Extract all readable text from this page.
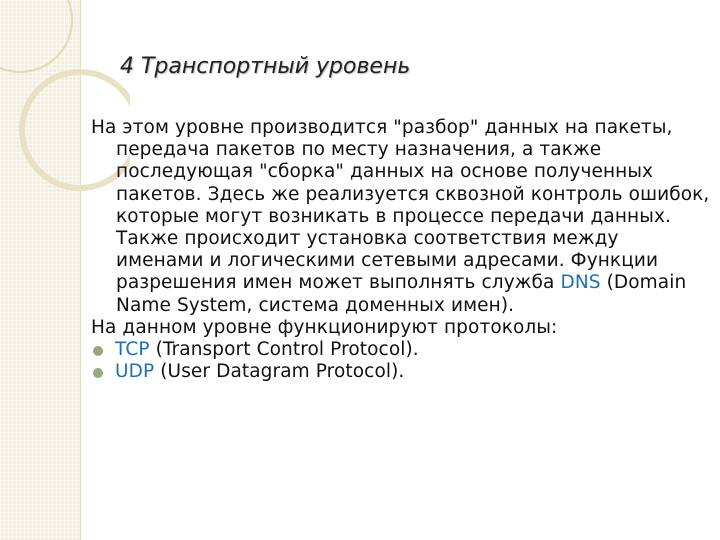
4 Транспортный уровень

На этом уровне производится "разбор" данных на пакеты, передача пакетов по месту назначения, а также последующая "сборка" данных на основе полученных пакетов. Здесь же реализуется сквозной контроль ошибок, которые могут возникать в процессе передачи данных. Также происходит установка соответствия между именами и логическими сетевыми адресами. Функции разрешения имен может выполнять служба DNS (Domain Name System, система доменных имен).

На данном уровне функционируют протоколы:

TCP (Transport Control Protocol).
UDP (User Datagram Protocol).
